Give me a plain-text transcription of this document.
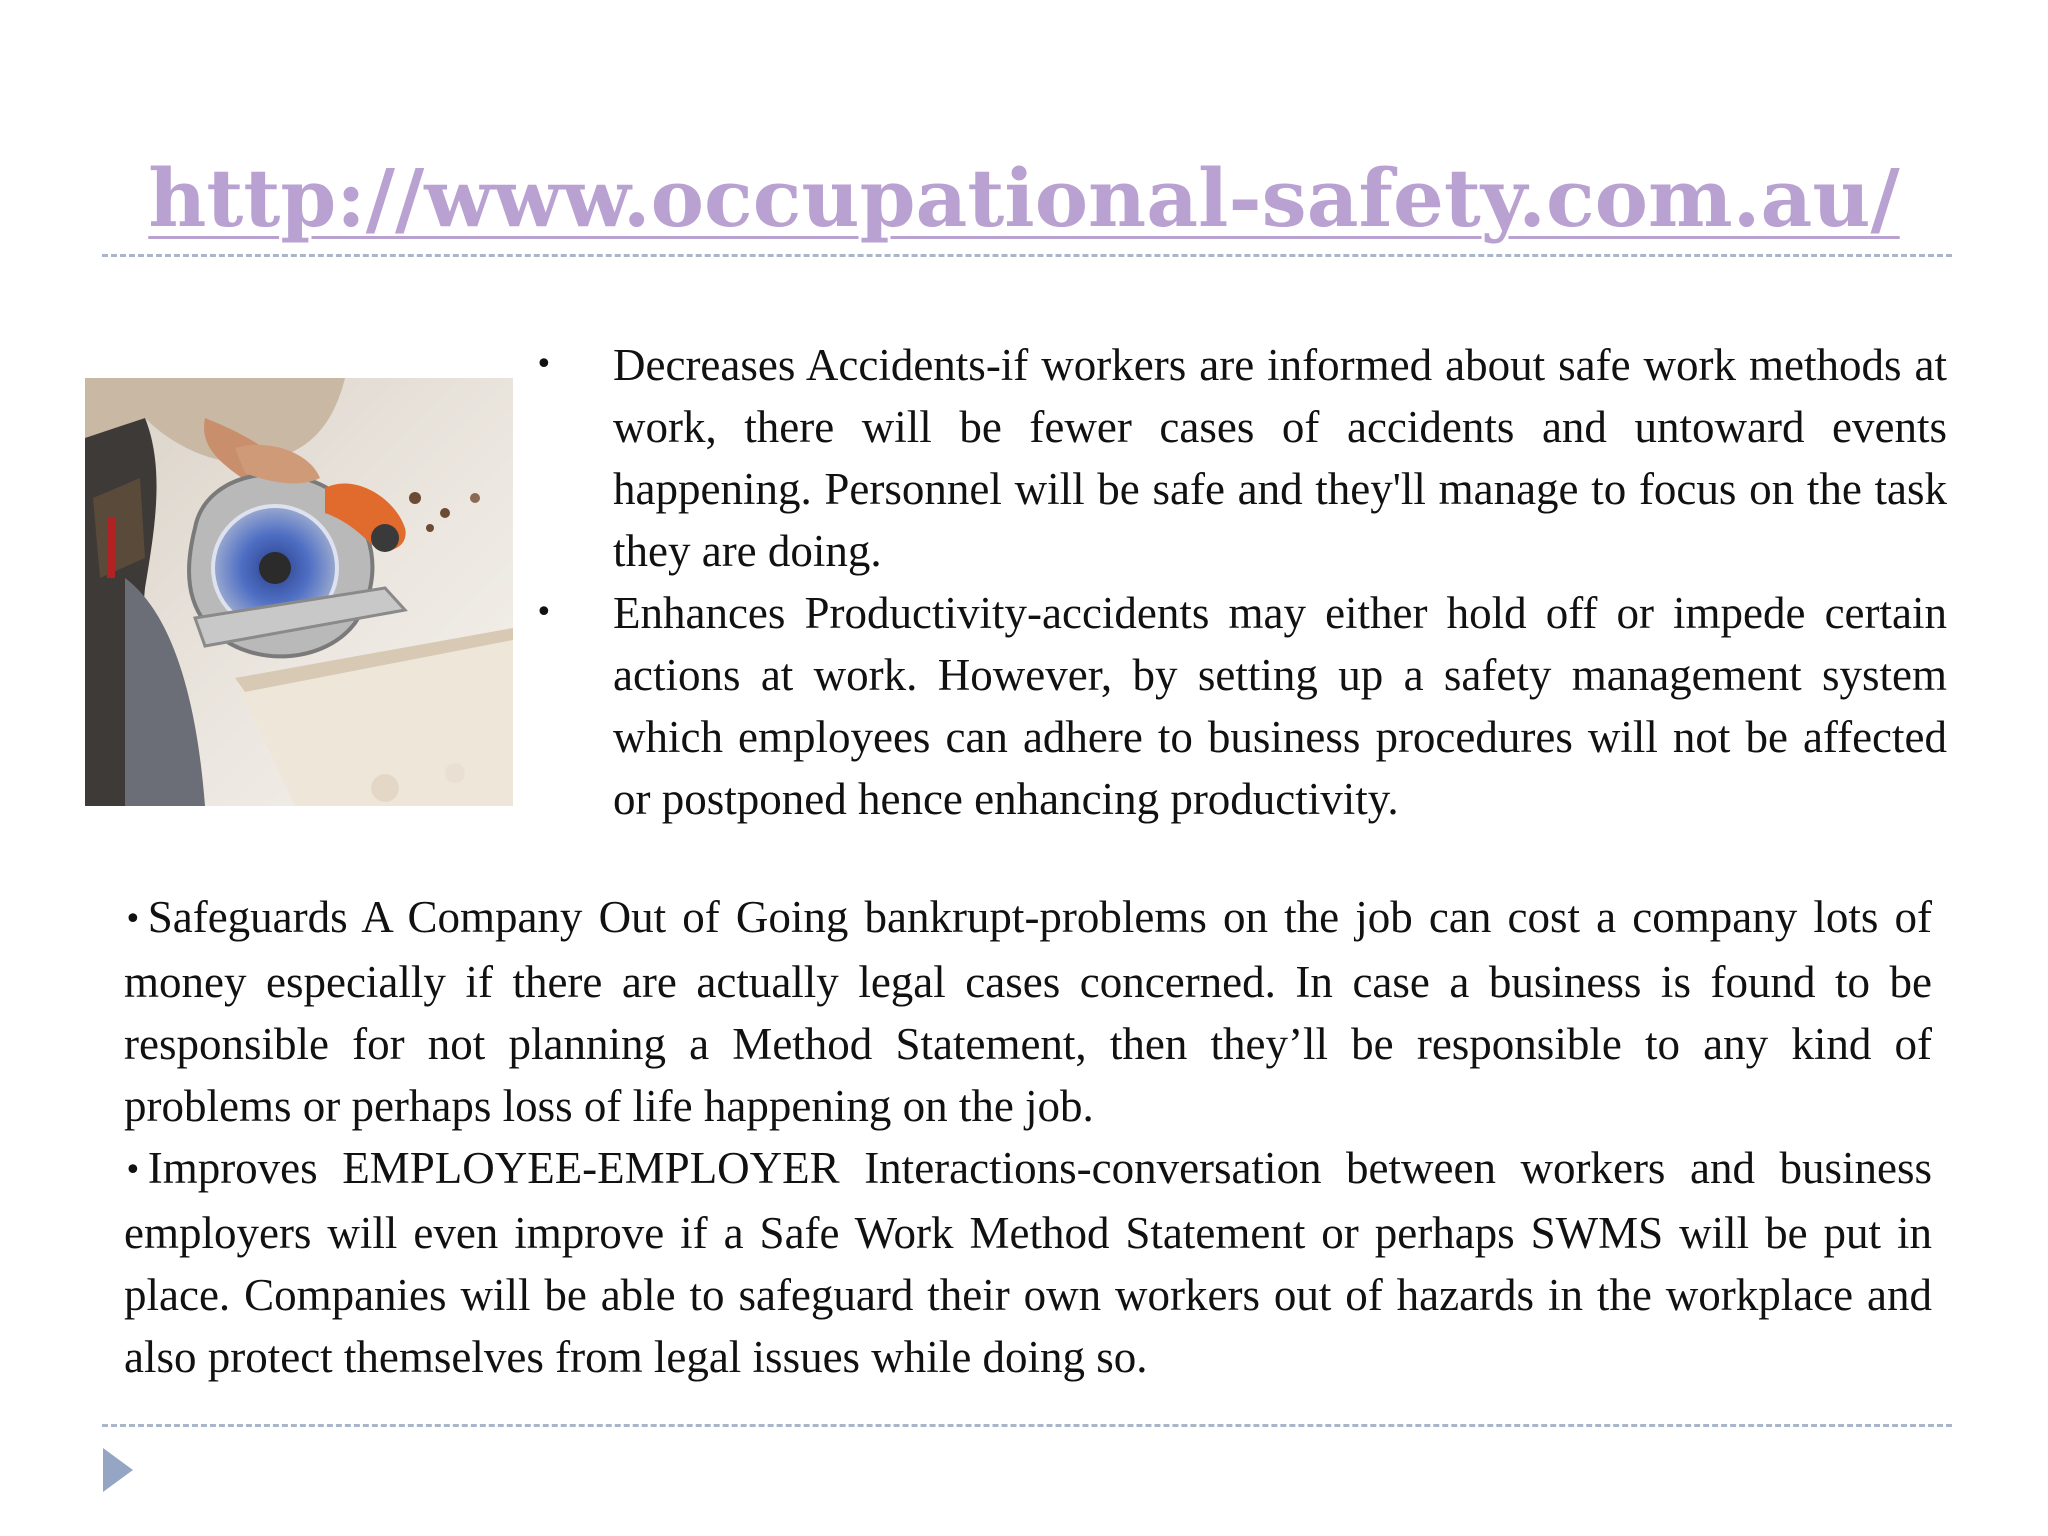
http://www.occupational-safety.com.au/
•	Decreases Accidents-if workers are informed about safe work methods at work, there will be fewer cases of accidents and untoward events happening. Personnel will be safe and they'll manage to focus on the task they are doing.
•	Enhances Productivity-accidents may either hold off or impede certain actions at work. However, by setting up a safety management system which employees can adhere to business procedures will not be affected or postponed hence enhancing productivity.
• Safeguards A Company Out of Going bankrupt-problems on the job can cost a company lots of money especially if there are actually legal cases concerned. In case a business is found to be responsible for not planning a Method Statement, then they’ll be responsible to any kind of problems or perhaps loss of life happening on the job.
• Improves EMPLOYEE-EMPLOYER Interactions-conversation between workers and business employers will even improve if a Safe Work Method Statement or perhaps SWMS will be put in place. Companies will be able to safeguard their own workers out of hazards in the workplace and also protect themselves from legal issues while doing so.
